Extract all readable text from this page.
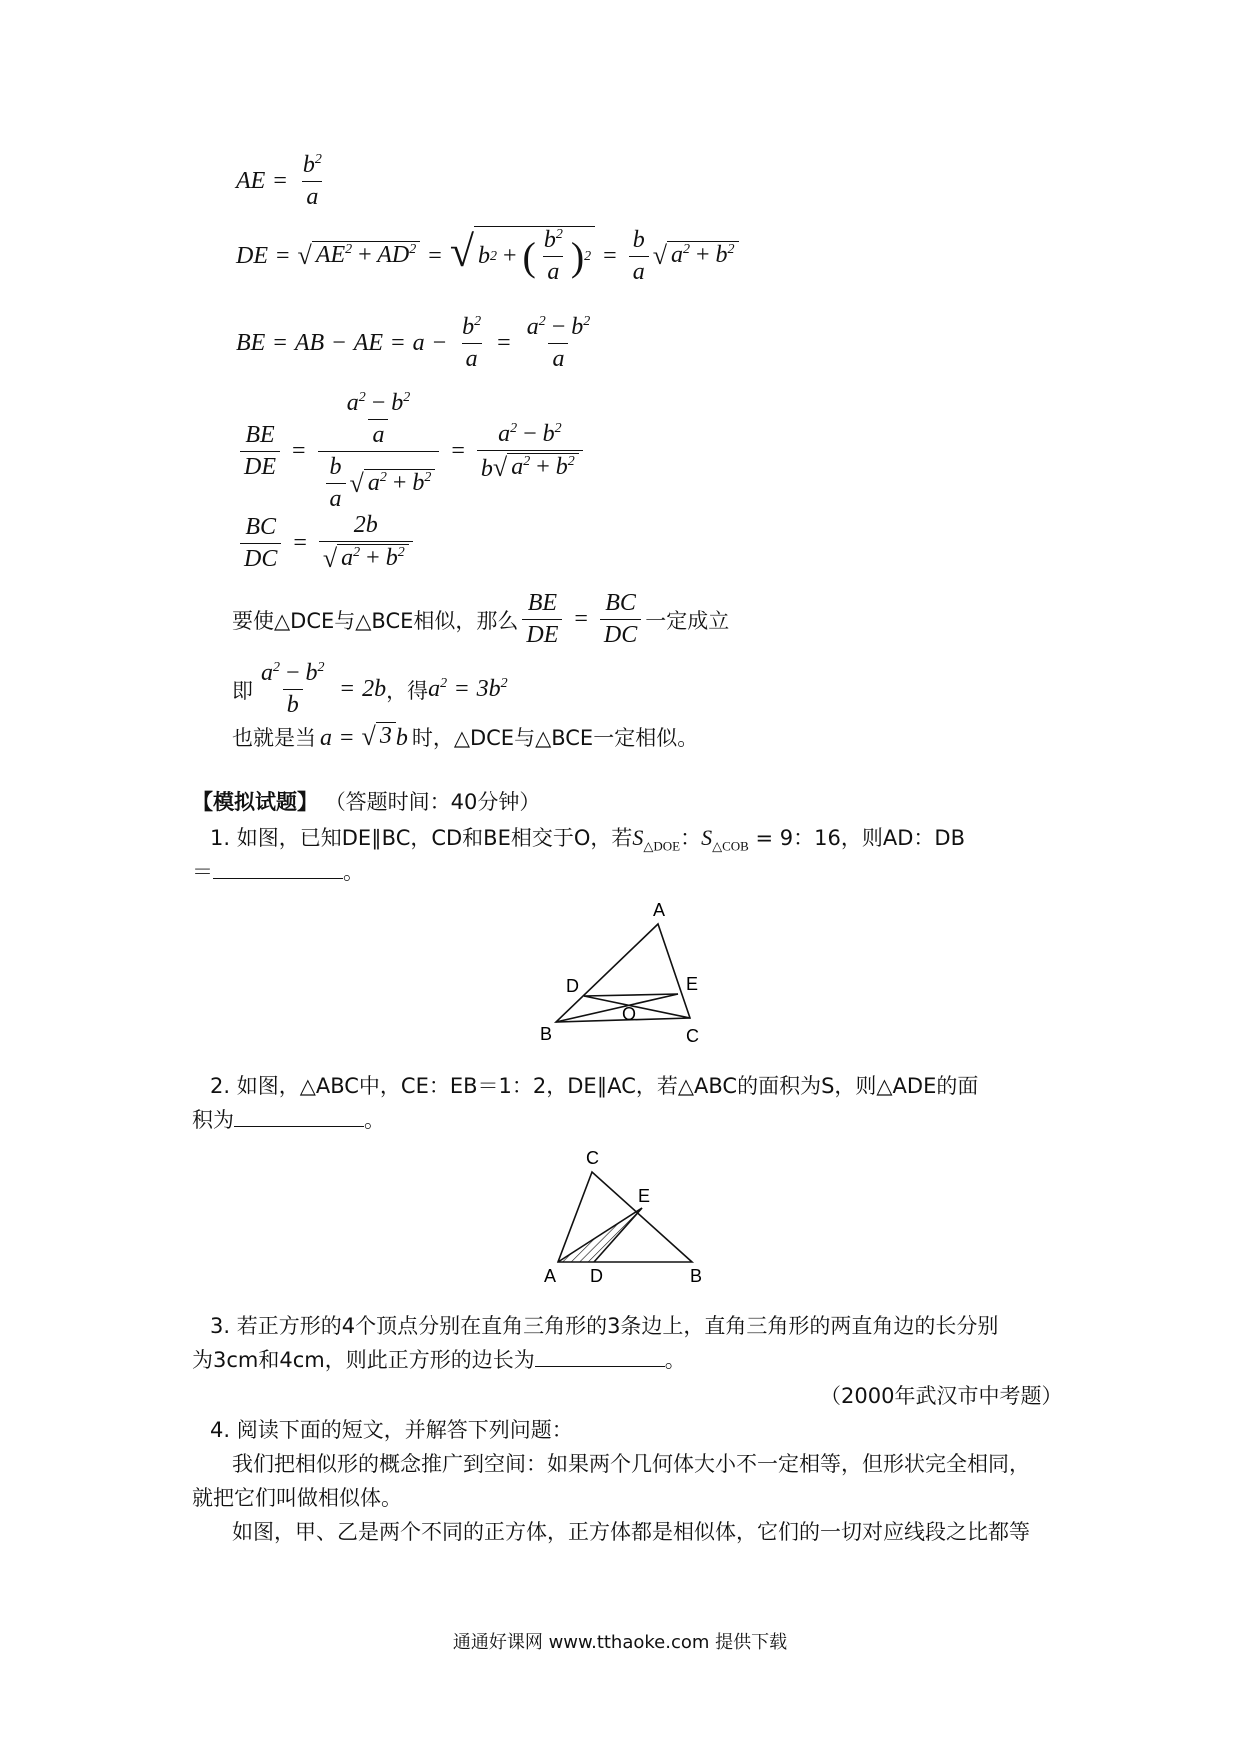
AE = $\frac{b^2}{a}$
DE = √ $AE^2 + AD^2$ = √ b 2
+
( $\frac{b^2}{a}$ ) $2 = \frac{b}{a}$ √ $a^2 + b^2$
BE = AB − AE = $a - \frac{b^2}{a} = \frac{a^2 - b^2}{a}$
$\frac{BE}{DE} = \frac{\frac{a^2 - b^2}{a}}{\frac{b}{a} √ a^2 + b^2} = \frac{a^2 - b^2}{b √ a^2 + b^2}$
$\frac{BC}{DC} = \frac{2b}{√ a^2 + b^2}$
要使△DCE与△BCE相似，那么 $\frac{BE}{DE} = \frac{BC}{DC}$ 一定成立
即 $\frac{a^2 - b^2}{b} = 2b$ ，得 $a^2 = 3b^2$
也就是当 a = √ 3 b 时，△DCE与△BCE一定相似。
【模拟试题】 （答题时间：40分钟）
1. 如图，已知DE∥BC，CD和BE相交于O，若$S_{\triangle DOE}$：$S_{\triangle COB} = 9$：16，则AD：DB
＝	。
A
D	E
O
B	C
2. 如图，△ABC中，CE：EB＝1：2，DE∥AC，若△ABC的面积为S，则△ADE的面
积为	。
C
E
A D	B
3. 若正方形的4个顶点分别在直角三角形的3条边上，直角三角形的两直角边的长分别
为3cm和4cm，则此正方形的边长为	。
（2000年武汉市中考题）
4. 阅读下面的短文，并解答下列问题：
我们把相似形的概念推广到空间：如果两个几何体大小不一定相等，但形状完全相同，
就把它们叫做相似体。
如图，甲、乙是两个不同的正方体，正方体都是相似体，它们的一切对应线段之比都等
通通好课网 www.tthaoke.com 提供下载
